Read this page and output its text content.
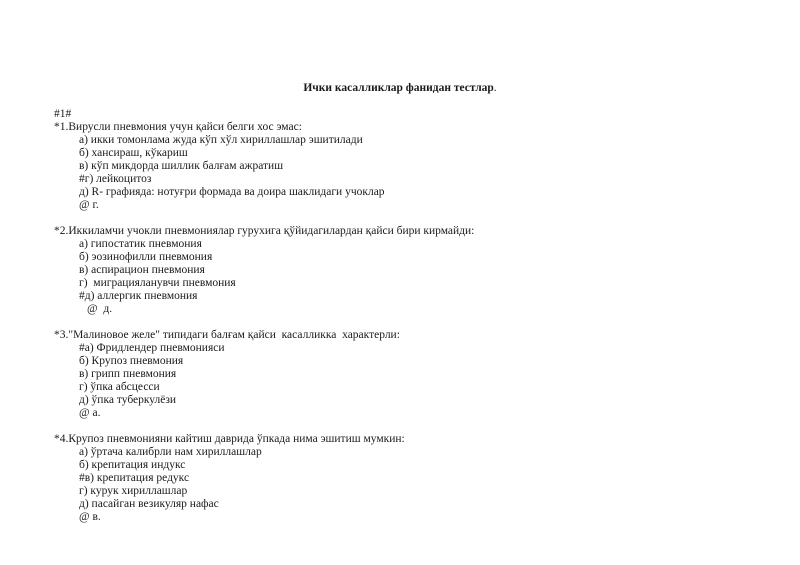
Ички касалликлар фанидан тестлар.
#1#
*1.Вирусли пневмония учун қайси белги хос эмас:
а) икки томонлама жуда кўп хўл хириллашлар эшитилади
б) хансираш, кўкариш
в) кўп микдорда шиллик балғам ажратиш
#г) лейкоцитоз
д) R- графияда: нотуғри формада ва доира шаклидаги учоклар
@ г.
*2.Иккиламчи учокли пневмониялар гурухига қўйидагилардан қайси бири кирмайди:
а) гипостатик пневмония
б) эозинофилли пневмония
в) аспирацион пневмония
г)  миграцияланувчи пневмония
#д) аллергик пневмония
@  д.
*3."Малиновое желе" типидаги балғам қайси  касалликка  характерли:
#а) Фридлендер пневмонияси
б) Крупоз пневмония
в) грипп пневмония
г) ўпка абсцесси
д) ўпка туберкулёзи
@ а.
*4.Крупоз пневмонияни кайтиш даврида ўпкада нима эшитиш мумкин:
а) ўртача калибрли нам хириллашлар
б) крепитация индукс
#в) крепитация редукс
г) курук хириллашлар
д) пасайган везикуляр нафас
@ в.
